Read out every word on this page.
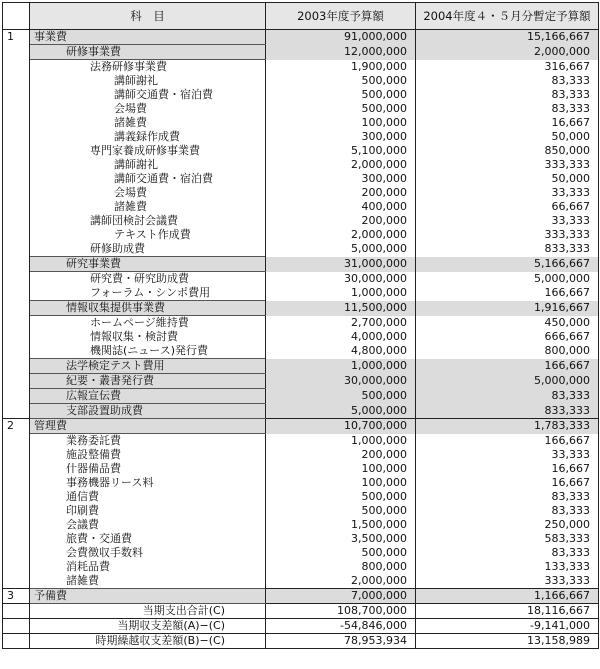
	科　目	2003年度予算額	2004年度４・５月分暫定予算額
1	事業費	91,000,000	15,166,667
	研修事業費	12,000,000	2,000,000
	法務研修事業費	1,900,000	316,667
	講師謝礼	500,000	83,333
	講師交通費・宿泊費	500,000	83,333
	会場費	500,000	83,333
	諸雑費	100,000	16,667
	講義録作成費	300,000	50,000
	専門家養成研修事業費	5,100,000	850,000
	講師謝礼	2,000,000	333,333
	講師交通費・宿泊費	300,000	50,000
	会場費	200,000	33,333
	諸雑費	400,000	66,667
	講師団検討会議費	200,000	33,333
	テキスト作成費	2,000,000	333,333
	研修助成費	5,000,000	833,333
	研究事業費	31,000,000	5,166,667
	研究費・研究助成費	30,000,000	5,000,000
	フォーラム・シンポ費用	1,000,000	166,667
	情報収集提供事業費	11,500,000	1,916,667
	ホームページ維持費	2,700,000	450,000
	情報収集・検討費	4,000,000	666,667
	機関誌(ニュース)発行費	4,800,000	800,000
	法学検定テスト費用	1,000,000	166,667
	紀要・叢書発行費	30,000,000	5,000,000
	広報宣伝費	500,000	83,333
	支部設置助成費	5,000,000	833,333
2	管理費	10,700,000	1,783,333
	業務委託費	1,000,000	166,667
	施設整備費	200,000	33,333
	什器備品費	100,000	16,667
	事務機器リース料	100,000	16,667
	通信費	500,000	83,333
	印刷費	500,000	83,333
	会議費	1,500,000	250,000
	旅費・交通費	3,500,000	583,333
	会費徴収手数料	500,000	83,333
	消耗品費	800,000	133,333
	諸雑費	2,000,000	333,333
3	予備費	7,000,000	1,166,667
	当期支出合計(C)	108,700,000	18,116,667
	当期収支差額(A)−(C)	-54,846,000	-9,141,000
	時期繰越収支差額(B)−(C)	78,953,934	13,158,989
